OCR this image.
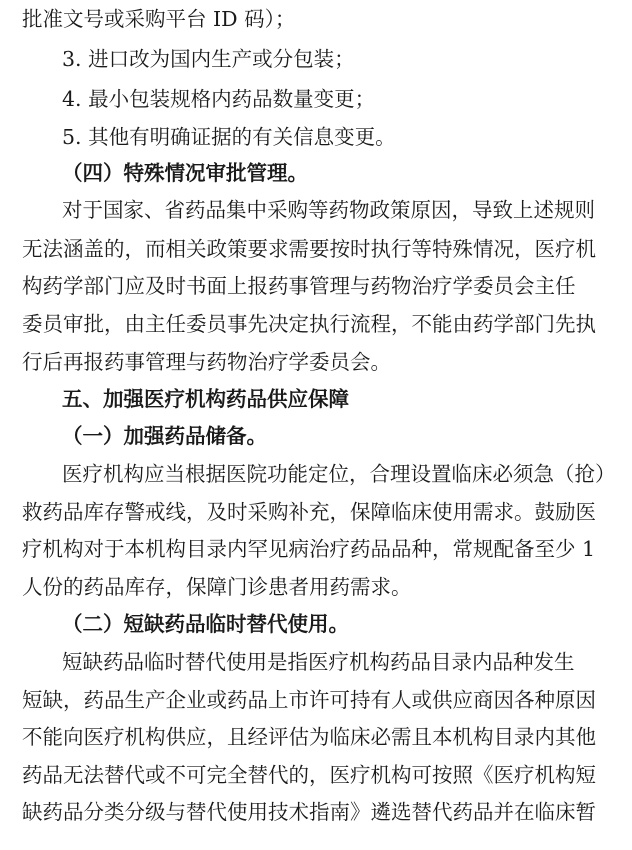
批准文号或采购平台 ID 码）；
3. 进口改为国内生产或分包装；
4. 最小包装规格内药品数量变更；
5. 其他有明确证据的有关信息变更。
（四）特殊情况审批管理。
对于国家、省药品集中采购等药物政策原因，导致上述规则
无法涵盖的，而相关政策要求需要按时执行等特殊情况，医疗机
构药学部门应及时书面上报药事管理与药物治疗学委员会主任
委员审批，由主任委员事先决定执行流程，不能由药学部门先执
行后再报药事管理与药物治疗学委员会。
五、加强医疗机构药品供应保障
（一）加强药品储备。
医疗机构应当根据医院功能定位，合理设置临床必须急（抢）
救药品库存警戒线，及时采购补充，保障临床使用需求。鼓励医
疗机构对于本机构目录内罕见病治疗药品品种，常规配备至少 1
人份的药品库存，保障门诊患者用药需求。
（二）短缺药品临时替代使用。
短缺药品临时替代使用是指医疗机构药品目录内品种发生
短缺，药品生产企业或药品上市许可持有人或供应商因各种原因
不能向医疗机构供应，且经评估为临床必需且本机构目录内其他
药品无法替代或不可完全替代的，医疗机构可按照《医疗机构短
缺药品分类分级与替代使用技术指南》遴选替代药品并在临床暂
